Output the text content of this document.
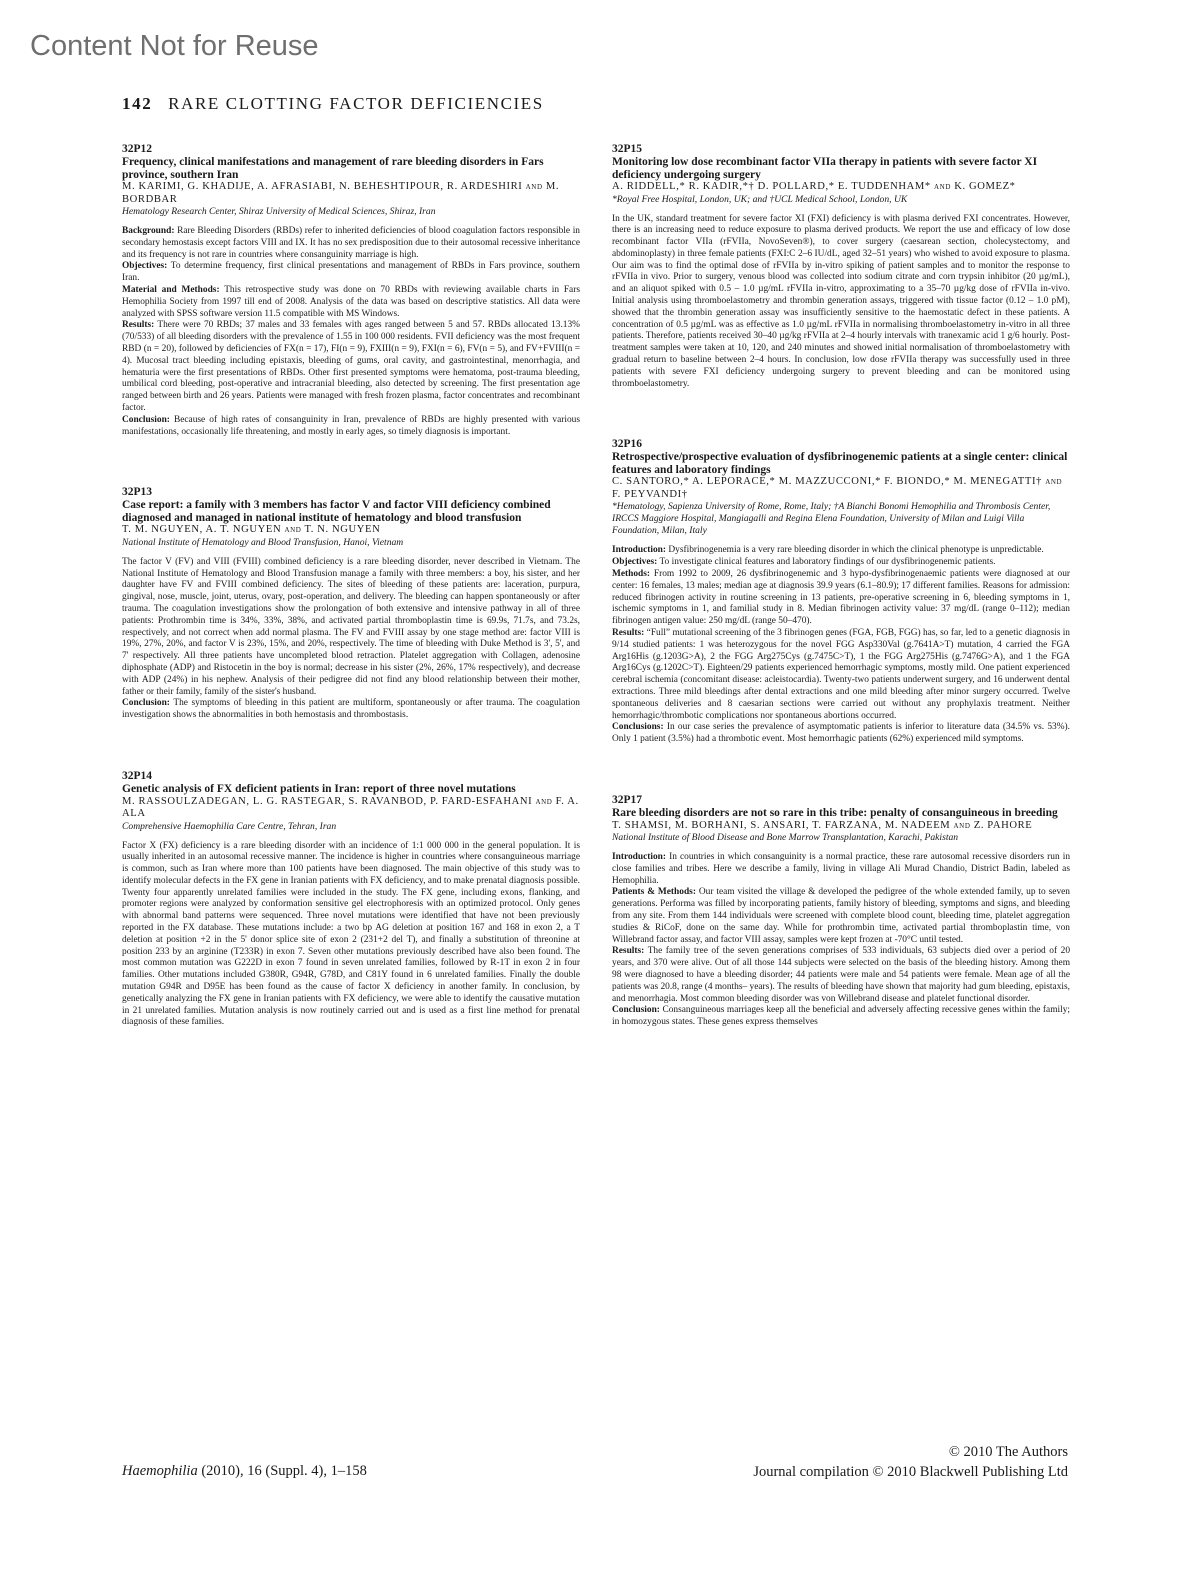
Content Not for Reuse
142 RARE CLOTTING FACTOR DEFICIENCIES
32P12
Frequency, clinical manifestations and management of rare bleeding disorders in Fars province, southern Iran
M. KARIMI, G. KHADIJE, A. AFRASIABI, N. BEHESHTIPOUR, R. ARDESHIRI and M. BORDBAR
Hematology Research Center, Shiraz University of Medical Sciences, Shiraz, Iran

Background: Rare Bleeding Disorders (RBDs) refer to inherited deficiencies of blood coagulation factors responsible in secondary hemostasis except factors VIII and IX. It has no sex predisposition due to their autosomal recessive inheritance and its frequency is not rare in countries where consanguinity marriage is high.

Objectives: To determine frequency, first clinical presentations and management of RBDs in Fars province, southern Iran.

Material and Methods: This retrospective study was done on 70 RBDs with reviewing available charts in Fars Hemophilia Society from 1997 till end of 2008. Analysis of the data was based on descriptive statistics. All data were analyzed with SPSS software version 11.5 compatible with MS Windows.

Results: There were 70 RBDs; 37 males and 33 females with ages ranged between 5 and 57. RBDs allocated 13.13% (70/533) of all bleeding disorders with the prevalence of 1.55 in 100 000 residents. FVII deficiency was the most frequent RBD (n = 20), followed by deficiencies of FX(n = 17), FI(n = 9), FXIII(n = 9), FXI(n = 6), FV(n = 5), and FV+FVIII(n = 4). Mucosal tract bleeding including epistaxis, bleeding of gums, oral cavity, and gastrointestinal, menorrhagia, and hematuria were the first presentations of RBDs. Other first presented symptoms were hematoma, post-trauma bleeding, umbilical cord bleeding, post-operative and intracranial bleeding, also detected by screening. The first presentation age ranged between birth and 26 years. Patients were managed with fresh frozen plasma, factor concentrates and recombinant factor.

Conclusion: Because of high rates of consanguinity in Iran, prevalence of RBDs are highly presented with various manifestations, occasionally life threatening, and mostly in early ages, so timely diagnosis is important.

32P13
Case report: a family with 3 members has factor V and factor VIII deficiency combined diagnosed and managed in national institute of hematology and blood transfusion
T. M. NGUYEN, A. T. NGUYEN and T. N. NGUYEN
National Institute of Hematology and Blood Transfusion, Hanoi, Vietnam

The factor V (FV) and VIII (FVIII) combined deficiency is a rare bleeding disorder, never described in Vietnam. The National Institute of Hematology and Blood Transfusion manage a family with three members: a boy, his sister, and her daughter have FV and FVIII combined deficiency. The sites of bleeding of these patients are: laceration, purpura, gingival, nose, muscle, joint, uterus, ovary, post-operation, and delivery. The bleeding can happen spontaneously or after trauma. The coagulation investigations show the prolongation of both extensive and intensive pathway in all of three patients: Prothrombin time is 34%, 33%, 38%, and activated partial thromboplastin time is 69.9s, 71.7s, and 73.2s, respectively, and not correct when add normal plasma. The FV and FVIII assay by one stage method are: factor VIII is 19%, 27%, 20%, and factor V is 23%, 15%, and 20%, respectively. The time of bleeding with Duke Method is 3', 5', and 7' respectively. All three patients have uncompleted blood retraction. Platelet aggregation with Collagen, adenosine diphosphate (ADP) and Ristocetin in the boy is normal; decrease in his sister (2%, 26%, 17% respectively), and decrease with ADP (24%) in his nephew. Analysis of their pedigree did not find any blood relationship between their mother, father or their family, family of the sister's husband.

Conclusion: The symptoms of bleeding in this patient are multiform, spontaneously or after trauma. The coagulation investigation shows the abnormalities in both hemostasis and thrombostasis.

32P14
Genetic analysis of FX deficient patients in Iran: report of three novel mutations
M. RASSOULZADEGAN, L. G. RASTEGAR, S. RAVANBOD, P. FARD-ESFAHANI and F. A. ALA
Comprehensive Haemophilia Care Centre, Tehran, Iran

Factor X (FX) deficiency is a rare bleeding disorder with an incidence of 1:1 000 000 in the general population. It is usually inherited in an autosomal recessive manner. The incidence is higher in countries where consanguineous marriage is common, such as Iran where more than 100 patients have been diagnosed. The main objective of this study was to identify molecular defects in the FX gene in Iranian patients with FX deficiency, and to make prenatal diagnosis possible. Twenty four apparently unrelated families were included in the study. The FX gene, including exons, flanking, and promoter regions were analyzed by conformation sensitive gel electrophoresis with an optimized protocol. Only genes with abnormal band patterns were sequenced. Three novel mutations were identified that have not been previously reported in the FX database. These mutations include: a two bp AG deletion at position 167 and 168 in exon 2, a T deletion at position +2 in the 5' donor splice site of exon 2 (231+2 del T), and finally a substitution of threonine at position 233 by an arginine (T233R) in exon 7. Seven other mutations previously described have also been found. The most common mutation was G222D in exon 7 found in seven unrelated families, followed by R-1T in exon 2 in four families. Other mutations included G380R, G94R, G78D, and C81Y found in 6 unrelated families. Finally the double mutation G94R and D95E has been found as the cause of factor X deficiency in another family. In conclusion, by genetically analyzing the FX gene in Iranian patients with FX deficiency, we were able to identify the causative mutation in 21 unrelated families. Mutation analysis is now routinely carried out and is used as a first line method for prenatal diagnosis of these families.

32P15
Monitoring low dose recombinant factor VIIa therapy in patients with severe factor XI deficiency undergoing surgery
A. RIDDELL,* R. KADIR,*† D. POLLARD,* E. TUDDENHAM* and K. GOMEZ*
*Royal Free Hospital, London, UK; and †UCL Medical School, London, UK

In the UK, standard treatment for severe factor XI (FXI) deficiency is with plasma derived FXI concentrates. However, there is an increasing need to reduce exposure to plasma derived products. We report the use and efficacy of low dose recombinant factor VIIa (rFVIIa, NovoSeven®), to cover surgery (caesarean section, cholecystectomy, and abdominoplasty) in three female patients (FXI:C 2–6 IU/dL, aged 32–51 years) who wished to avoid exposure to plasma. Our aim was to find the optimal dose of rFVIIa by in-vitro spiking of patient samples and to monitor the response to rFVIIa in vivo. Prior to surgery, venous blood was collected into sodium citrate and corn trypsin inhibitor (20 µg/mL), and an aliquot spiked with 0.5 – 1.0 µg/mL rFVIIa in-vitro, approximating to a 35–70 µg/kg dose of rFVIIa in-vivo. Initial analysis using thromboelastometry and thrombin generation assays, triggered with tissue factor (0.12 – 1.0 pM), showed that the thrombin generation assay was insufficiently sensitive to the haemostatic defect in these patients. A concentration of 0.5 µg/mL was as effective as 1.0 µg/mL rFVIIa in normalising thromboelastometry in-vitro in all three patients. Therefore, patients received 30–40 µg/kg rFVIIa at 2–4 hourly intervals with tranexamic acid 1 g/6 hourly. Post-treatment samples were taken at 10, 120, and 240 minutes and showed initial normalisation of thromboelastometry with gradual return to baseline between 2–4 hours. In conclusion, low dose rFVIIa therapy was successfully used in three patients with severe FXI deficiency undergoing surgery to prevent bleeding and can be monitored using thromboelastometry.

32P16
Retrospective/prospective evaluation of dysfibrinogenemic patients at a single center: clinical features and laboratory findings
C. SANTORO,* A. LEPORACE,* M. MAZZUCCONI,* F. BIONDO,* M. MENEGATTI† and F. PEYVANDI†
*Hematology, Sapienza University of Rome, Rome, Italy; †A Bianchi Bonomi Hemophilia and Thrombosis Center, IRCCS Maggiore Hospital, Mangiagalli and Regina Elena Foundation, University of Milan and Luigi Villa Foundation, Milan, Italy

Introduction: Dysfibrinogenemia is a very rare bleeding disorder in which the clinical phenotype is unpredictable.

Objectives: To investigate clinical features and laboratory findings of our dysfibrinogenemic patients.

Methods: From 1992 to 2009, 26 dysfibrinogenemic and 3 hypo-dysfibrinogenaemic patients were diagnosed at our center: 16 females, 13 males; median age at diagnosis 39.9 years (6.1–80.9); 17 different families. Reasons for admission: reduced fibrinogen activity in routine screening in 13 patients, pre-operative screening in 6, bleeding symptoms in 1, ischemic symptoms in 1, and familial study in 8. Median fibrinogen activity value: 37 mg/dL (range 0–112); median fibrinogen antigen value: 250 mg/dL (range 50–470).

Results: “Full” mutational screening of the 3 fibrinogen genes (FGA, FGB, FGG) has, so far, led to a genetic diagnosis in 9/14 studied patients: 1 was heterozygous for the novel FGG Asp330Val (g.7641A>T) mutation, 4 carried the FGA Arg16His (g.1203G>A), 2 the FGG Arg275Cys (g.7475C>T), 1 the FGG Arg275His (g.7476G>A), and 1 the FGA Arg16Cys (g.1202C>T). Eighteen/29 patients experienced hemorrhagic symptoms, mostly mild. One patient experienced cerebral ischemia (concomitant disease: acleistocardia). Twenty-two patients underwent surgery, and 16 underwent dental extractions. Three mild bleedings after dental extractions and one mild bleeding after minor surgery occurred. Twelve spontaneous deliveries and 8 caesarian sections were carried out without any prophylaxis treatment. Neither hemorrhagic/thrombotic complications nor spontaneous abortions occurred.

Conclusions: In our case series the prevalence of asymptomatic patients is inferior to literature data (34.5% vs. 53%). Only 1 patient (3.5%) had a thrombotic event. Most hemorrhagic patients (62%) experienced mild symptoms.

32P17
Rare bleeding disorders are not so rare in this tribe: penalty of consanguineous in breeding
T. SHAMSI, M. BORHANI, S. ANSARI, T. FARZANA, M. NADEEM and Z. PAHORE
National Institute of Blood Disease and Bone Marrow Transplantation, Karachi, Pakistan

Introduction: In countries in which consanguinity is a normal practice, these rare autosomal recessive disorders run in close families and tribes. Here we describe a family, living in village Ali Murad Chandio, District Badin, labeled as Hemophilia.

Patients & Methods: Our team visited the village & developed the pedigree of the whole extended family, up to seven generations. Performa was filled by incorporating patients, family history of bleeding, symptoms and signs, and bleeding from any site. From them 144 individuals were screened with complete blood count, bleeding time, platelet aggregation studies & RiCoF, done on the same day. While for prothrombin time, activated partial thromboplastin time, von Willebrand factor assay, and factor VIII assay, samples were kept frozen at -70°C until tested.

Results: The family tree of the seven generations comprises of 533 individuals, 63 subjects died over a period of 20 years, and 370 were alive. Out of all those 144 subjects were selected on the basis of the bleeding history. Among them 98 were diagnosed to have a bleeding disorder; 44 patients were male and 54 patients were female. Mean age of all the patients was 20.8, range (4 months– years). The results of bleeding have shown that majority had gum bleeding, epistaxis, and menorrhagia. Most common bleeding disorder was von Willebrand disease and platelet functional disorder.

Conclusion: Consanguineous marriages keep all the beneficial and adversely affecting recessive genes within the family; in homozygous states. These genes express themselves

Haemophilia (2010), 16 (Suppl. 4), 1–158
© 2010 The Authors
Journal compilation © 2010 Blackwell Publishing Ltd
